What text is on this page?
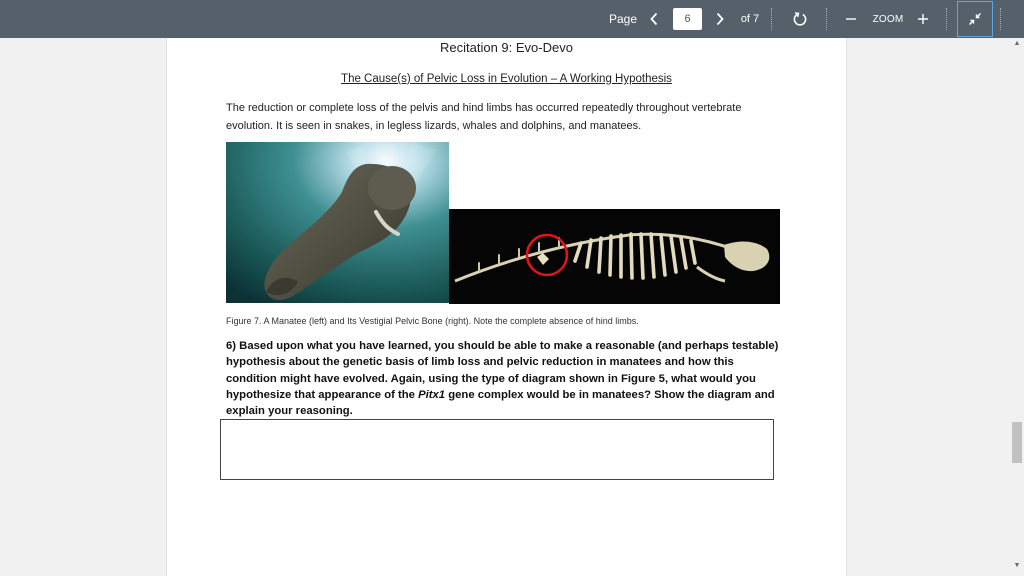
Page
6	of 7	ZOOM
Recitation 9: Evo-Devo
The Cause(s) of Pelvic Loss in Evolution – A Working Hypothesis
The reduction or complete loss of the pelvis and hind limbs has occurred repeatedly throughout vertebrate evolution. It is seen in snakes, in legless lizards, whales and dolphins, and manatees.
Figure 7. A Manatee (left) and Its Vestigial Pelvic Bone (right). Note the complete absence of hind limbs.
6) Based upon what you have learned, you should be able to make a reasonable (and perhaps testable) hypothesis about the genetic basis of limb loss and pelvic reduction in manatees and how this condition might have evolved. Again, using the type of diagram shown in Figure 5, what would you hypothesize that appearance of the Pitx1 gene complex would be in manatees? Show the diagram and explain your reasoning.
▲
▼
